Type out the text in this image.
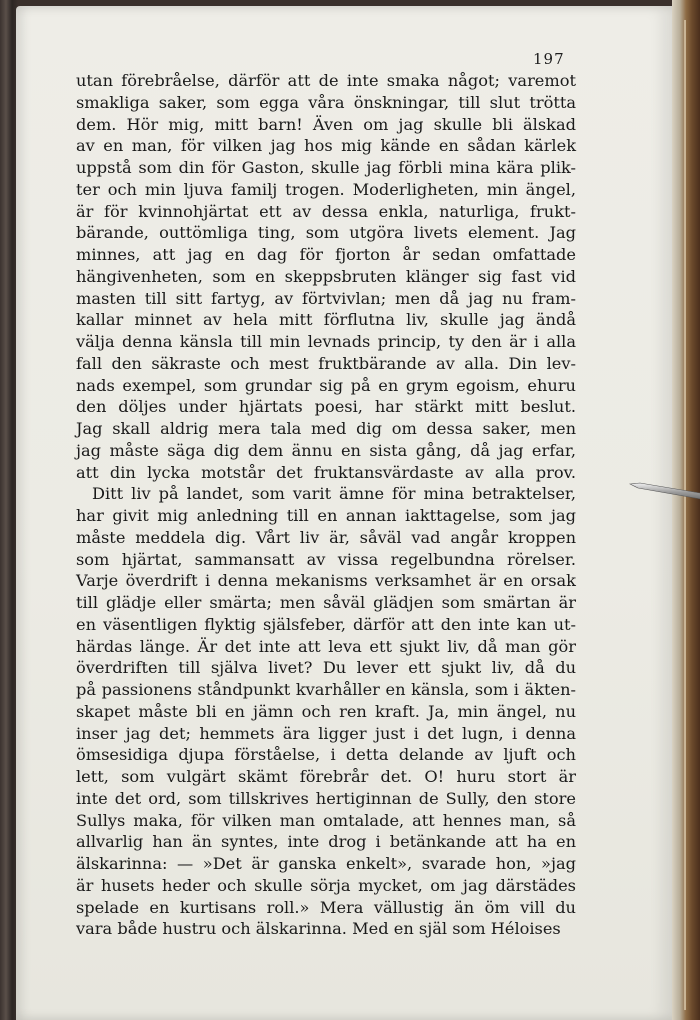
197
utan förebråelse, därför att de inte smaka något; varemot
smakliga saker, som egga våra önskningar, till slut trötta
dem. Hör mig, mitt barn! Även om jag skulle bli älskad
av en man, för vilken jag hos mig kände en sådan kärlek
uppstå som din för Gaston, skulle jag förbli mina kära plik-
ter och min ljuva familj trogen. Moderligheten, min ängel,
är för kvinnohjärtat ett av dessa enkla, naturliga, frukt-
bärande, outtömliga ting, som utgöra livets element. Jag
minnes, att jag en dag för fjorton år sedan omfattade
hängivenheten, som en skeppsbruten klänger sig fast vid
masten till sitt fartyg, av förtvivlan; men då jag nu fram-
kallar minnet av hela mitt förflutna liv, skulle jag ändå
välja denna känsla till min levnads princip, ty den är i alla
fall den säkraste och mest fruktbärande av alla. Din lev-
nads exempel, som grundar sig på en grym egoism, ehuru
den döljes under hjärtats poesi, har stärkt mitt beslut.
Jag skall aldrig mera tala med dig om dessa saker, men
jag måste säga dig dem ännu en sista gång, då jag erfar,
att din lycka motstår det fruktansvärdaste av alla prov.
Ditt liv på landet, som varit ämne för mina betraktelser,
har givit mig anledning till en annan iakttagelse, som jag
måste meddela dig. Vårt liv är, såväl vad angår kroppen
som hjärtat, sammansatt av vissa regelbundna rörelser.
Varje överdrift i denna mekanisms verksamhet är en orsak
till glädje eller smärta; men såväl glädjen som smärtan är
en väsentligen flyktig själsfeber, därför att den inte kan ut-
härdas länge. Är det inte att leva ett sjukt liv, då man gör
överdriften till själva livet? Du lever ett sjukt liv, då du
på passionens ståndpunkt kvarhåller en känsla, som i äkten-
skapet måste bli en jämn och ren kraft. Ja, min ängel, nu
inser jag det; hemmets ära ligger just i det lugn, i denna
ömsesidiga djupa förståelse, i detta delande av ljuft och
lett, som vulgärt skämt förebrår det. O! huru stort är
inte det ord, som tillskrives hertiginnan de Sully, den store
Sullys maka, för vilken man omtalade, att hennes man, så
allvarlig han än syntes, inte drog i betänkande att ha en
älskarinna: — »Det är ganska enkelt», svarade hon, »jag
är husets heder och skulle sörja mycket, om jag därstädes
spelade en kurtisans roll.» Mera vällustig än öm vill du
vara både hustru och älskarinna. Med en själ som Héloises
